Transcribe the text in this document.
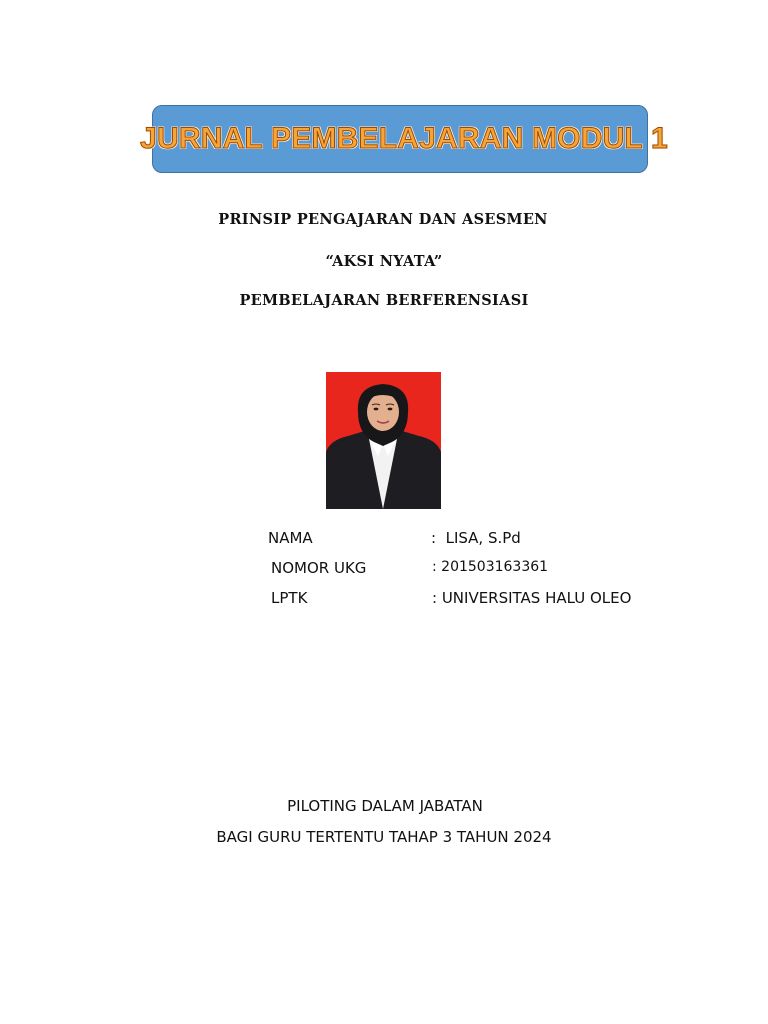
JURNAL PEMBELAJARAN MODUL 1
PRINSIP PENGAJARAN DAN ASESMEN
“AKSI NYATA”
PEMBELAJARAN BERFERENSIASI
NAMA	:  LISA, S.Pd
NOMOR UKG	: 201503163361
LPTK	: UNIVERSITAS HALU OLEO
PILOTING DALAM JABATAN
BAGI GURU TERTENTU TAHAP 3 TAHUN 2024
